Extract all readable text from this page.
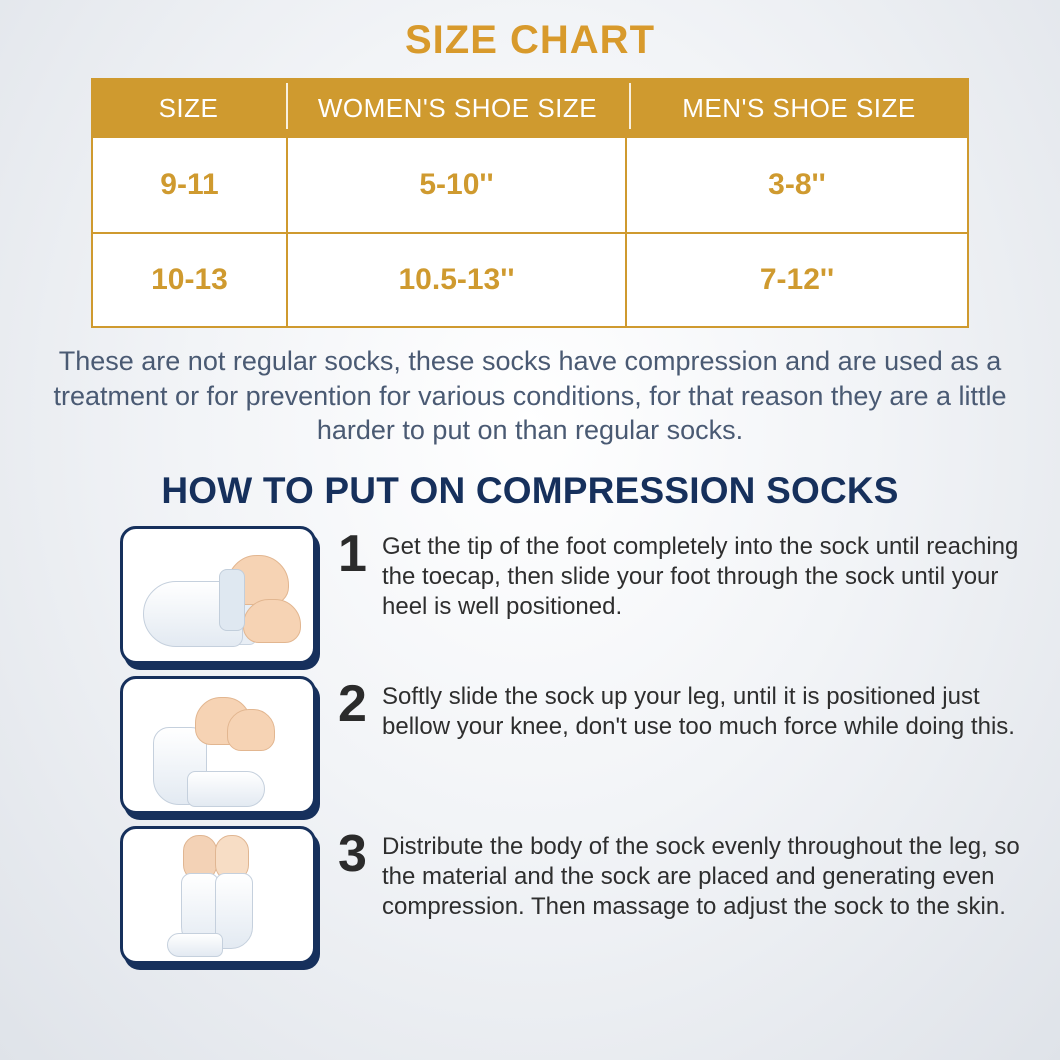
SIZE CHART
SIZE	WOMEN'S SHOE SIZE	MEN'S SHOE SIZE
9-11	5-10''	3-8''
10-13	10.5-13''	7-12''
These are not regular socks, these socks have compression and are used as a treatment or for prevention for various conditions, for that reason they are a little harder to put on than regular socks.
HOW TO PUT ON COMPRESSION SOCKS
1 Get the tip of the foot completely into the sock until reaching the toecap, then slide your foot through the sock until your heel is well positioned.
2 Softly slide the sock up your leg, until it is positioned just bellow your knee, don't use too much force while doing this.
3 Distribute the body of the sock evenly throughout the leg, so the material and the sock are placed and generating even compression. Then massage to adjust the sock to the skin.
